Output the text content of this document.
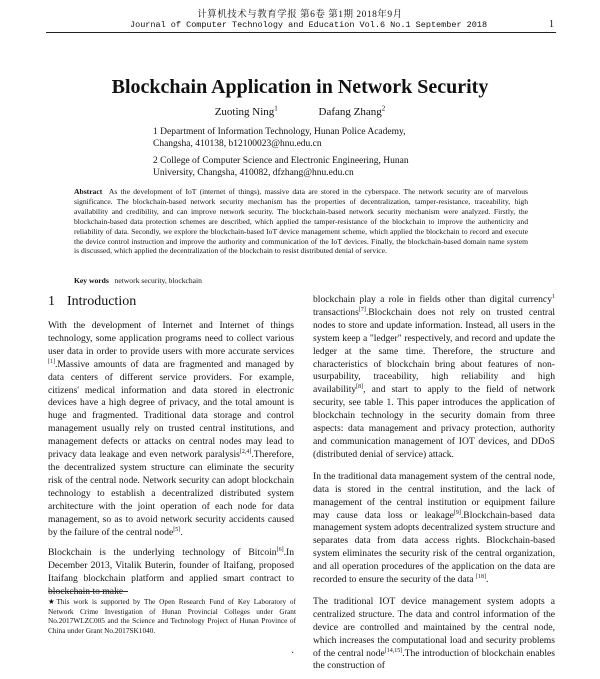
计算机技术与教育学报 第6卷 第1期 2018年9月
Journal of Computer Technology and Education Vol.6 No.1 September 2018	1
Blockchain Application in Network Security
Zuoting Ning$^1$	Dafang Zhang$^2$
1 Department of Information Technology, Hunan Police Academy,
Changsha, 410138, b12100023@hnu.edu.cn
2 College of Computer Science and Electronic Engineering, Hunan
University, Changsha, 410082, dfzhang@hnu.edu.cn
Abstract As the development of IoT (internet of things), massive data are stored in the cyberspace. The network security are of marvelous significance. The blockchain-based network security mechanism has the properties of decentralization, tamper-resistance, traceability, high availability and credibility, and can improve network security. The blockchain-based network security mechanism were analyzed. Firstly, the blockchain-based data protection schemes are described, which applied the tamper-resistance of the blockchain to improve the authenticity and reliability of data. Secondly, we explore the blockchain-based IoT device management scheme, which applied the blockchain to record and execute the device control instruction and improve the authority and communication of the IoT devices. Finally, the blockchain-based domain name system is discussed, which applied the decentralization of the blockchain to resist distributed denial of service.
Key words network security, blockchain
1 Introduction

With the development of Internet and Internet of things technology, some application programs need to collect various user data in order to provide users with more accurate services [1].Massive amounts of data are fragmented and managed by data centers of different service providers. For example, citizens' medical information and data stored in electronic devices have a high degree of privacy, and the total amount is huge and fragmented. Traditional data storage and control management usually rely on trusted central institutions, and management defects or attacks on central nodes may lead to privacy data leakage and even network paralysis[2,4].Therefore, the decentralized system structure can eliminate the security risk of the central node. Network security can adopt blockchain technology to establish a decentralized distributed system architecture with the joint operation of each node for data management, so as to avoid network security accidents caused by the failure of the central node[5].

Blockchain is the underlying technology of Bitcoin[6].In December 2013, Vitalik Buterin, founder of Itaifang, proposed Itaifang blockchain platform and applied smart contract to blockchain to make

blockchain play a role in fields other than digital currency$^1$ transactions[7].Blockchain does not rely on trusted central nodes to store and update information. Instead, all users in the system keep a "ledger" respectively, and record and update the ledger at the same time. Therefore, the structure and characteristics of blockchain bring about features of non-usurpability, traceability, high reliability and high availability[8], and start to apply to the field of network security, see table 1. This paper introduces the application of blockchain technology in the security domain from three aspects: data management and privacy protection, authority and communication management of IOT devices, and DDoS (distributed denial of service) attack.

In the traditional data management system of the central node, data is stored in the central institution, and the lack of management of the central institution or equipment failure may cause data loss or leakage[9].Blockchain-based data management system adopts decentralized system structure and separates data from data access rights. Blockchain-based system eliminates the security risk of the central organization, and all operation procedures of the application on the data are recorded to ensure the security of the data [18].

The traditional IOT device management system adopts a centralized structure. The data and control information of the device are controlled and maintained by the central node, which increases the computational load and security problems of the central node[14,15].The introduction of blockchain enables the construction of

★This work is supported by The Open Research Fund of Key Laboratory of Network Crime Investigation of Hunan Provincial Colleges under Grant No.2017WLZC005 and the Science and Technology Project of Hunan Province of China under Grant No.2017SK1040.
·
